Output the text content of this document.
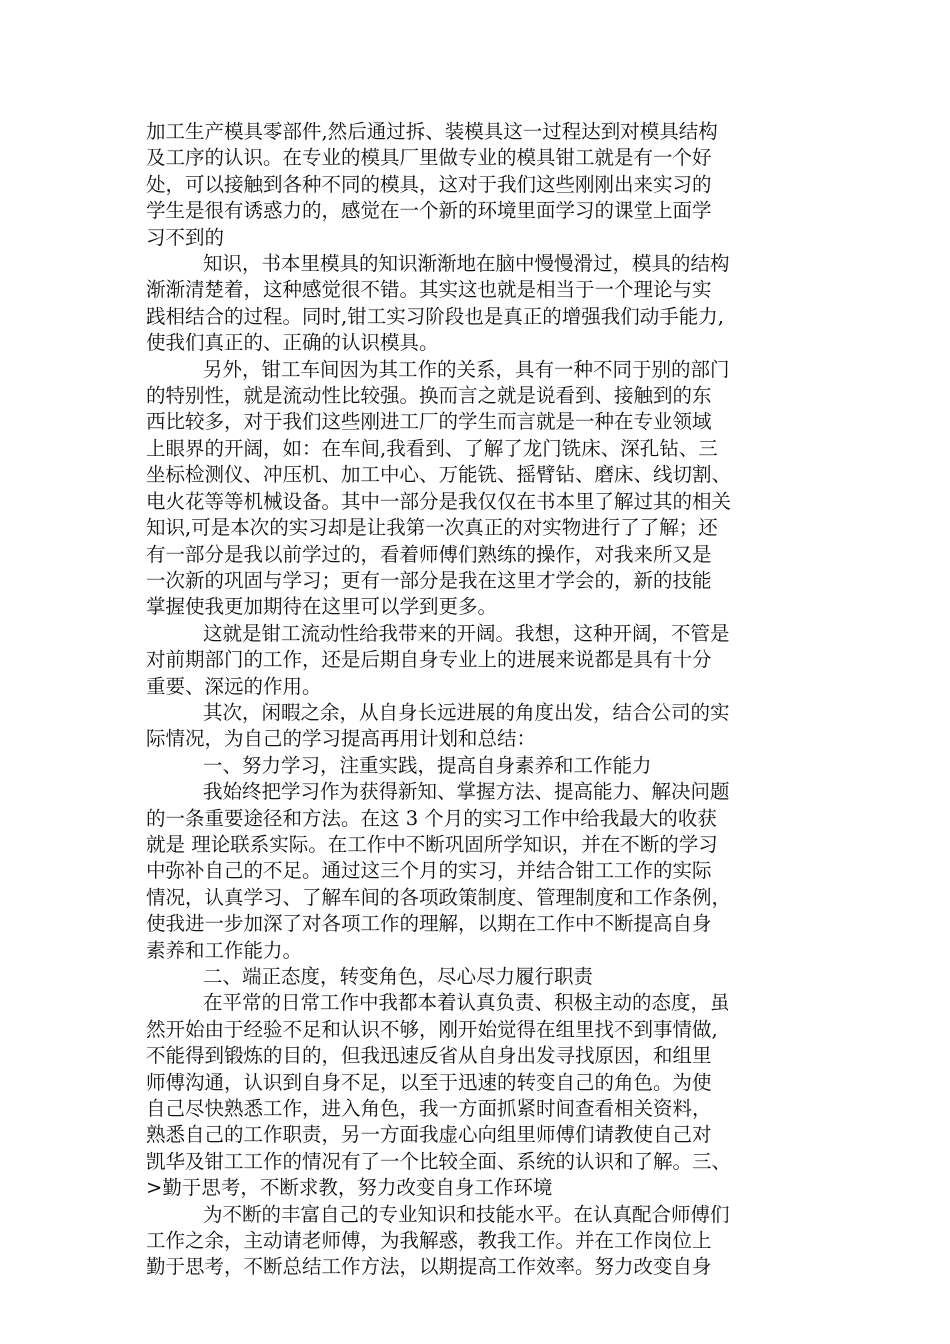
加工生产模具零部件,然后通过拆、装模具这一过程达到对模具结构
及工序的认识。在专业的模具厂里做专业的模具钳工就是有一个好
处，可以接触到各种不同的模具，这对于我们这些刚刚出来实习的
学生是很有诱惑力的，感觉在一个新的环境里面学习的课堂上面学
习不到的
知识，书本里模具的知识渐渐地在脑中慢慢滑过，模具的结构
渐渐清楚着，这种感觉很不错。其实这也就是相当于一个理论与实
践相结合的过程。同时,钳工实习阶段也是真正的增强我们动手能力,
使我们真正的、正确的认识模具。
另外，钳工车间因为其工作的关系，具有一种不同于别的部门
的特别性，就是流动性比较强。换而言之就是说看到、接触到的东
西比较多，对于我们这些刚进工厂的学生而言就是一种在专业领域
上眼界的开阔，如：在车间,我看到、了解了龙门铣床、深孔钻、三
坐标检测仪、冲压机、加工中心、万能铣、摇臂钻、磨床、线切割、
电火花等等机械设备。其中一部分是我仅仅在书本里了解过其的相关
知识,可是本次的实习却是让我第一次真正的对实物进行了了解；还
有一部分是我以前学过的，看着师傅们熟练的操作，对我来所又是
一次新的巩固与学习；更有一部分是我在这里才学会的，新的技能
掌握使我更加期待在这里可以学到更多。
这就是钳工流动性给我带来的开阔。我想，这种开阔，不管是
对前期部门的工作，还是后期自身专业上的进展来说都是具有十分
重要、深远的作用。
其次，闲暇之余，从自身长远进展的角度出发，结合公司的实
际情况，为自己的学习提高再用计划和总结：
一、努力学习，注重实践，提高自身素养和工作能力
我始终把学习作为获得新知、掌握方法、提高能力、解决问题
的一条重要途径和方法。在这 3 个月的实习工作中给我最大的收获
就是 理论联系实际。在工作中不断巩固所学知识，并在不断的学习
中弥补自己的不足。通过这三个月的实习，并结合钳工工作的实际
情况，认真学习、了解车间的各项政策制度、管理制度和工作条例，
使我进一步加深了对各项工作的理解，以期在工作中不断提高自身
素养和工作能力。
二、端正态度，转变角色，尽心尽力履行职责
在平常的日常工作中我都本着认真负责、积极主动的态度，虽
然开始由于经验不足和认识不够，刚开始觉得在组里找不到事情做,
不能得到锻炼的目的，但我迅速反省从自身出发寻找原因，和组里
师傅沟通，认识到自身不足，以至于迅速的转变自己的角色。为使
自己尽快熟悉工作，进入角色，我一方面抓紧时间查看相关资料，
熟悉自己的工作职责，另一方面我虚心向组里师傅们请教使自己对
凯华及钳工工作的情况有了一个比较全面、系统的认识和了解。三、
>勤于思考，不断求教，努力改变自身工作环境
为不断的丰富自己的专业知识和技能水平。在认真配合师傅们
工作之余，主动请老师傅，为我解惑，教我工作。并在工作岗位上
勤于思考，不断总结工作方法，以期提高工作效率。努力改变自身
